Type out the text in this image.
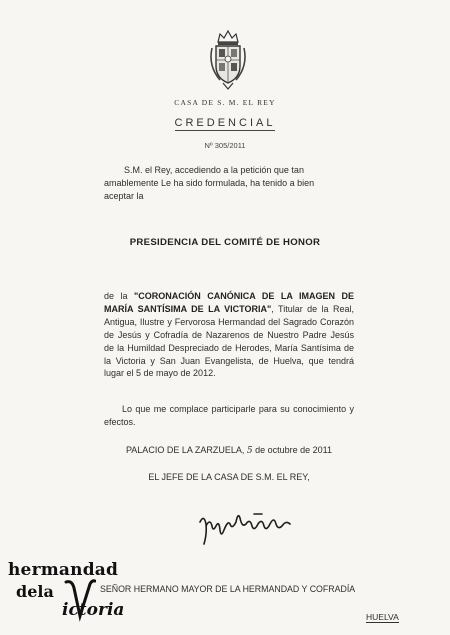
CASA DE S. M. EL REY
CREDENCIAL
Nº 305/2011
S.M. el Rey, accediendo a la petición que tan
amablemente Le ha sido formulada, ha tenido a bien
aceptar la
PRESIDENCIA DEL COMITÉ DE HONOR
de la "CORONACIÓN CANÓNICA DE LA IMAGEN DE MARÍA SANTÍSIMA DE LA VICTORIA", Titular de la Real, Antigua, Ilustre y Fervorosa Hermandad del Sagrado Corazón de Jesús y Cofradía de Nazarenos de Nuestro Padre Jesús de la Humildad Despreciado de Herodes, María Santísima de la Victoria y San Juan Evangelista, de Huelva, que tendrá lugar el 5 de mayo de 2012.
Lo que me complace participarle para su conocimiento y efectos.
PALACIO DE LA ZARZUELA, 5 de octubre de 2011
EL JEFE DE LA CASA DE S.M. EL REY,
SEÑOR HERMANO MAYOR DE LA HERMANDAD Y COFRADÍA
HUELVA
hermandad
dela
ictoria
